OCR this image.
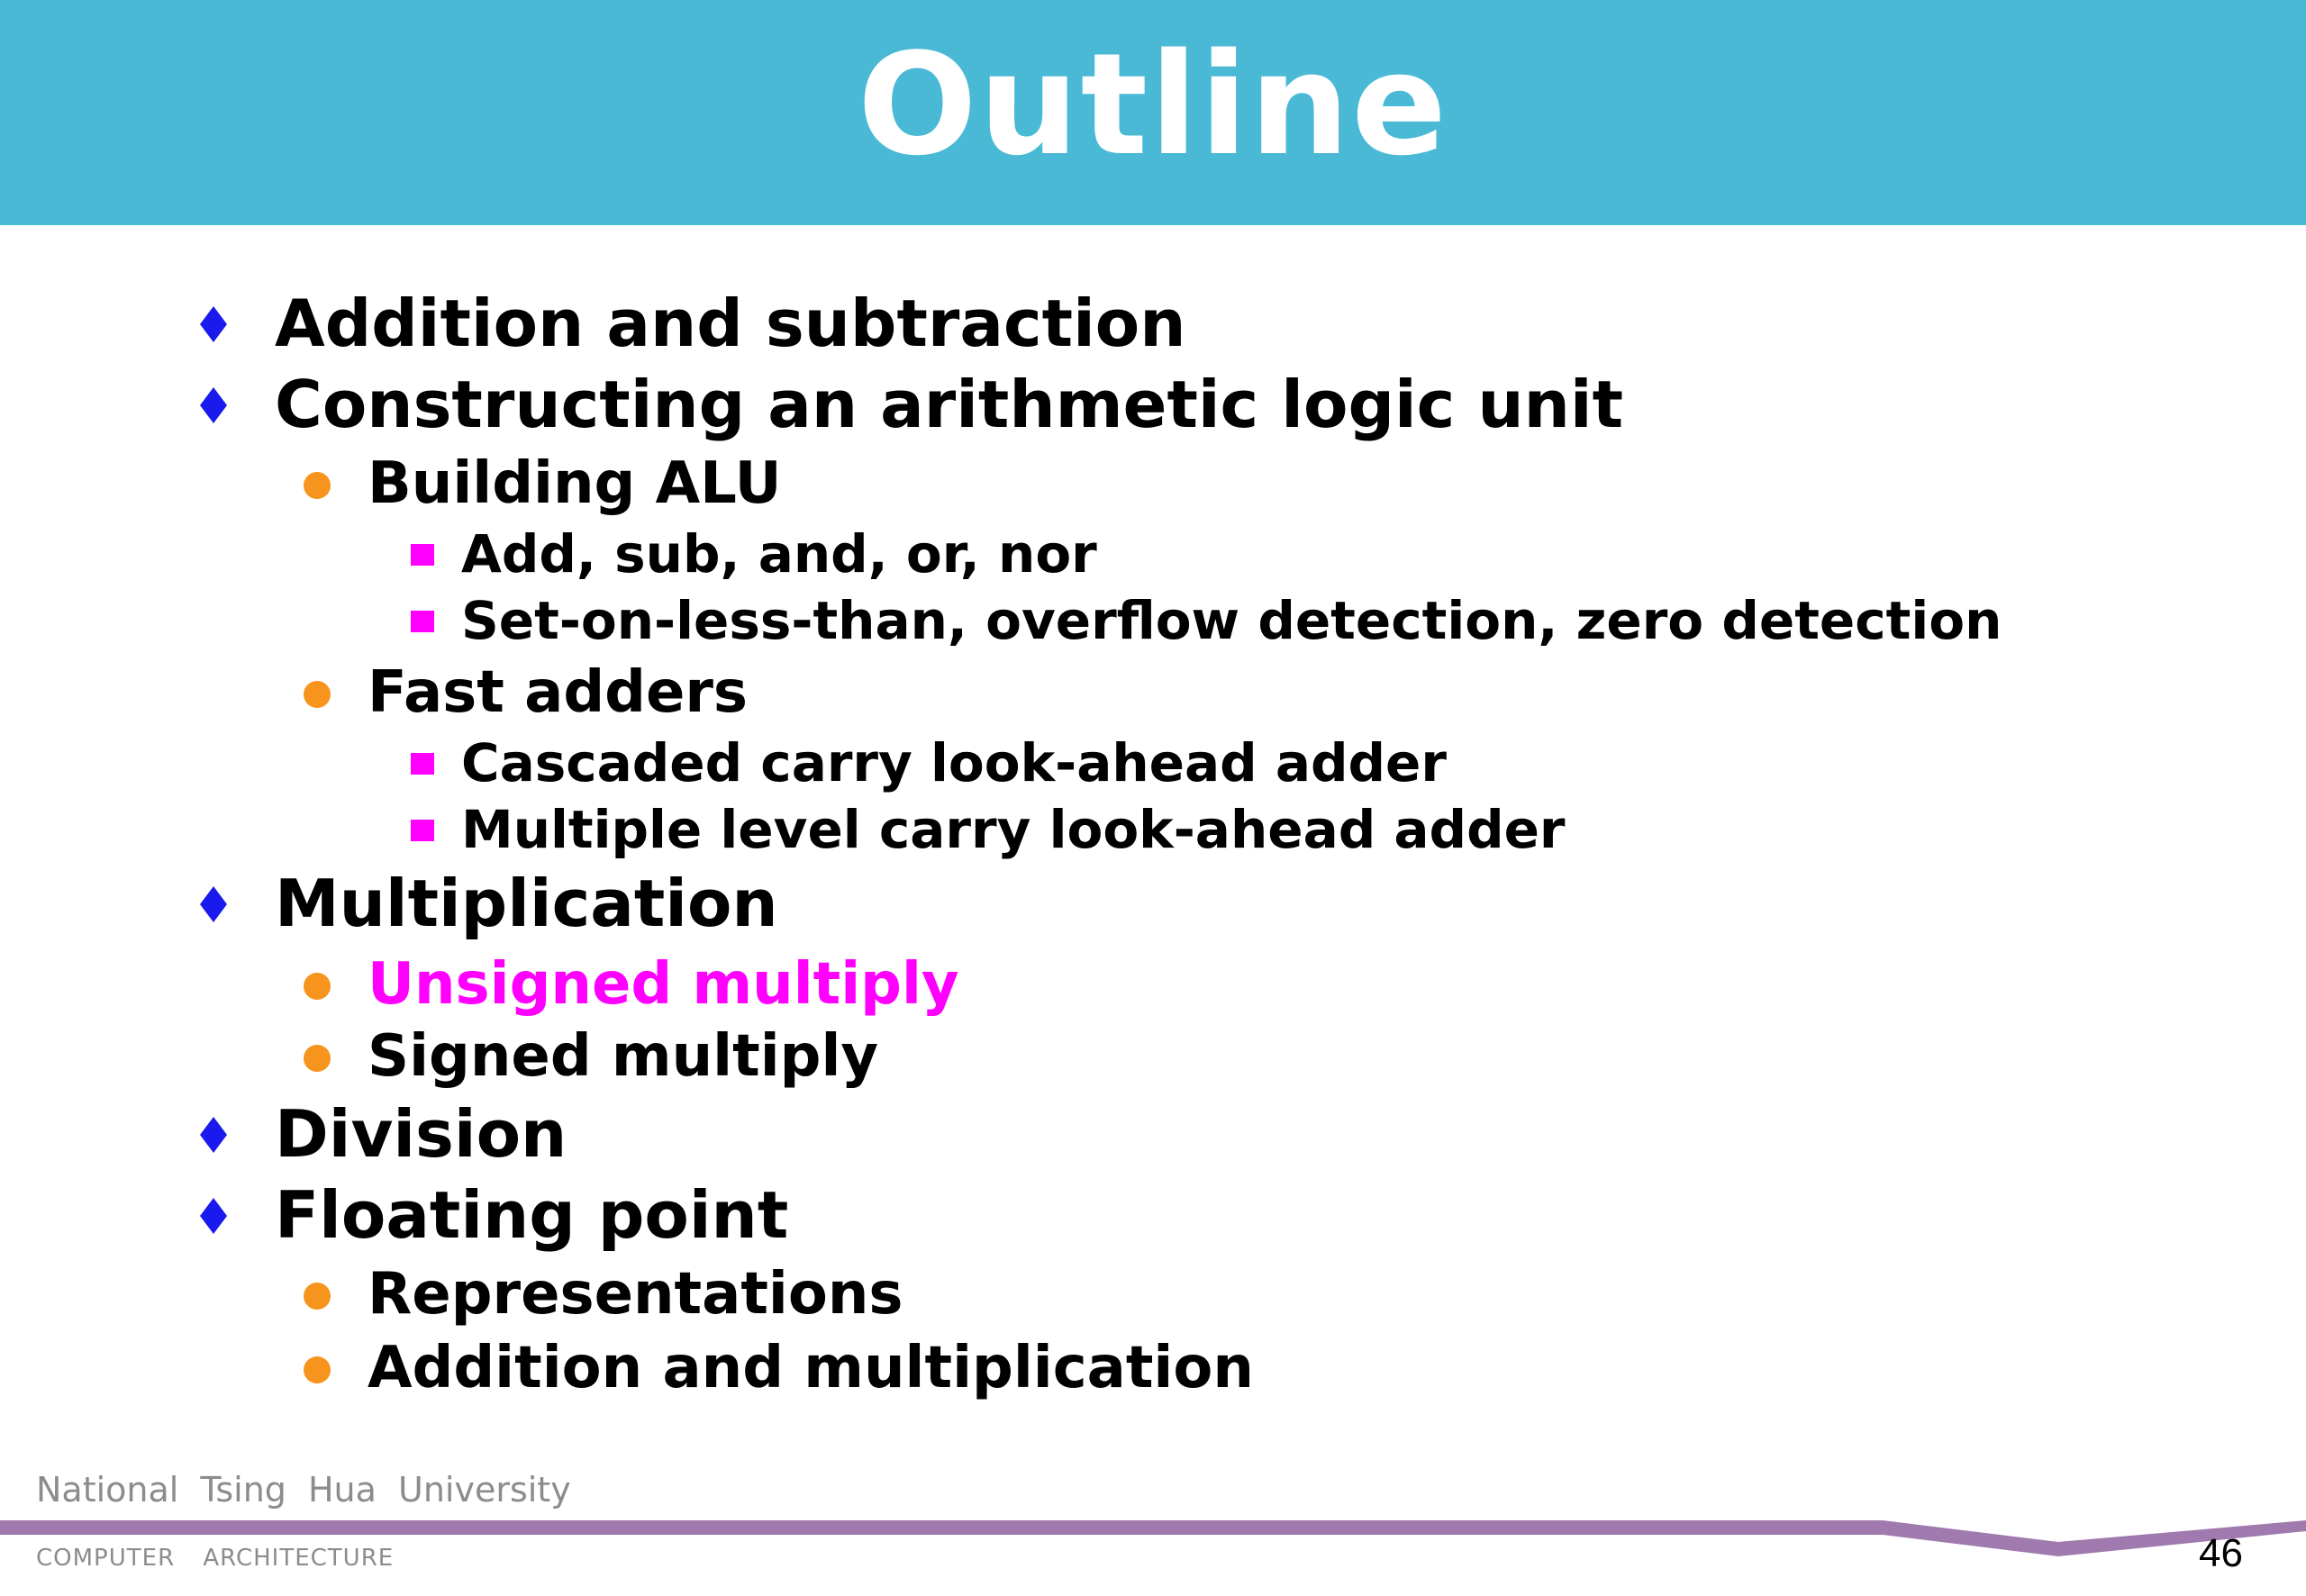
Outline
Addition and subtraction
Constructing an arithmetic logic unit
Building ALU
Add, sub, and, or, nor
Set-on-less-than, overflow detection, zero detection
Fast adders
Cascaded carry look-ahead adder
Multiple level carry look-ahead adder
Multiplication
Unsigned multiply
Signed multiply
Division
Floating point
Representations
Addition and multiplication
National Tsing Hua University
COMPUTER ARCHITECTURE	46
